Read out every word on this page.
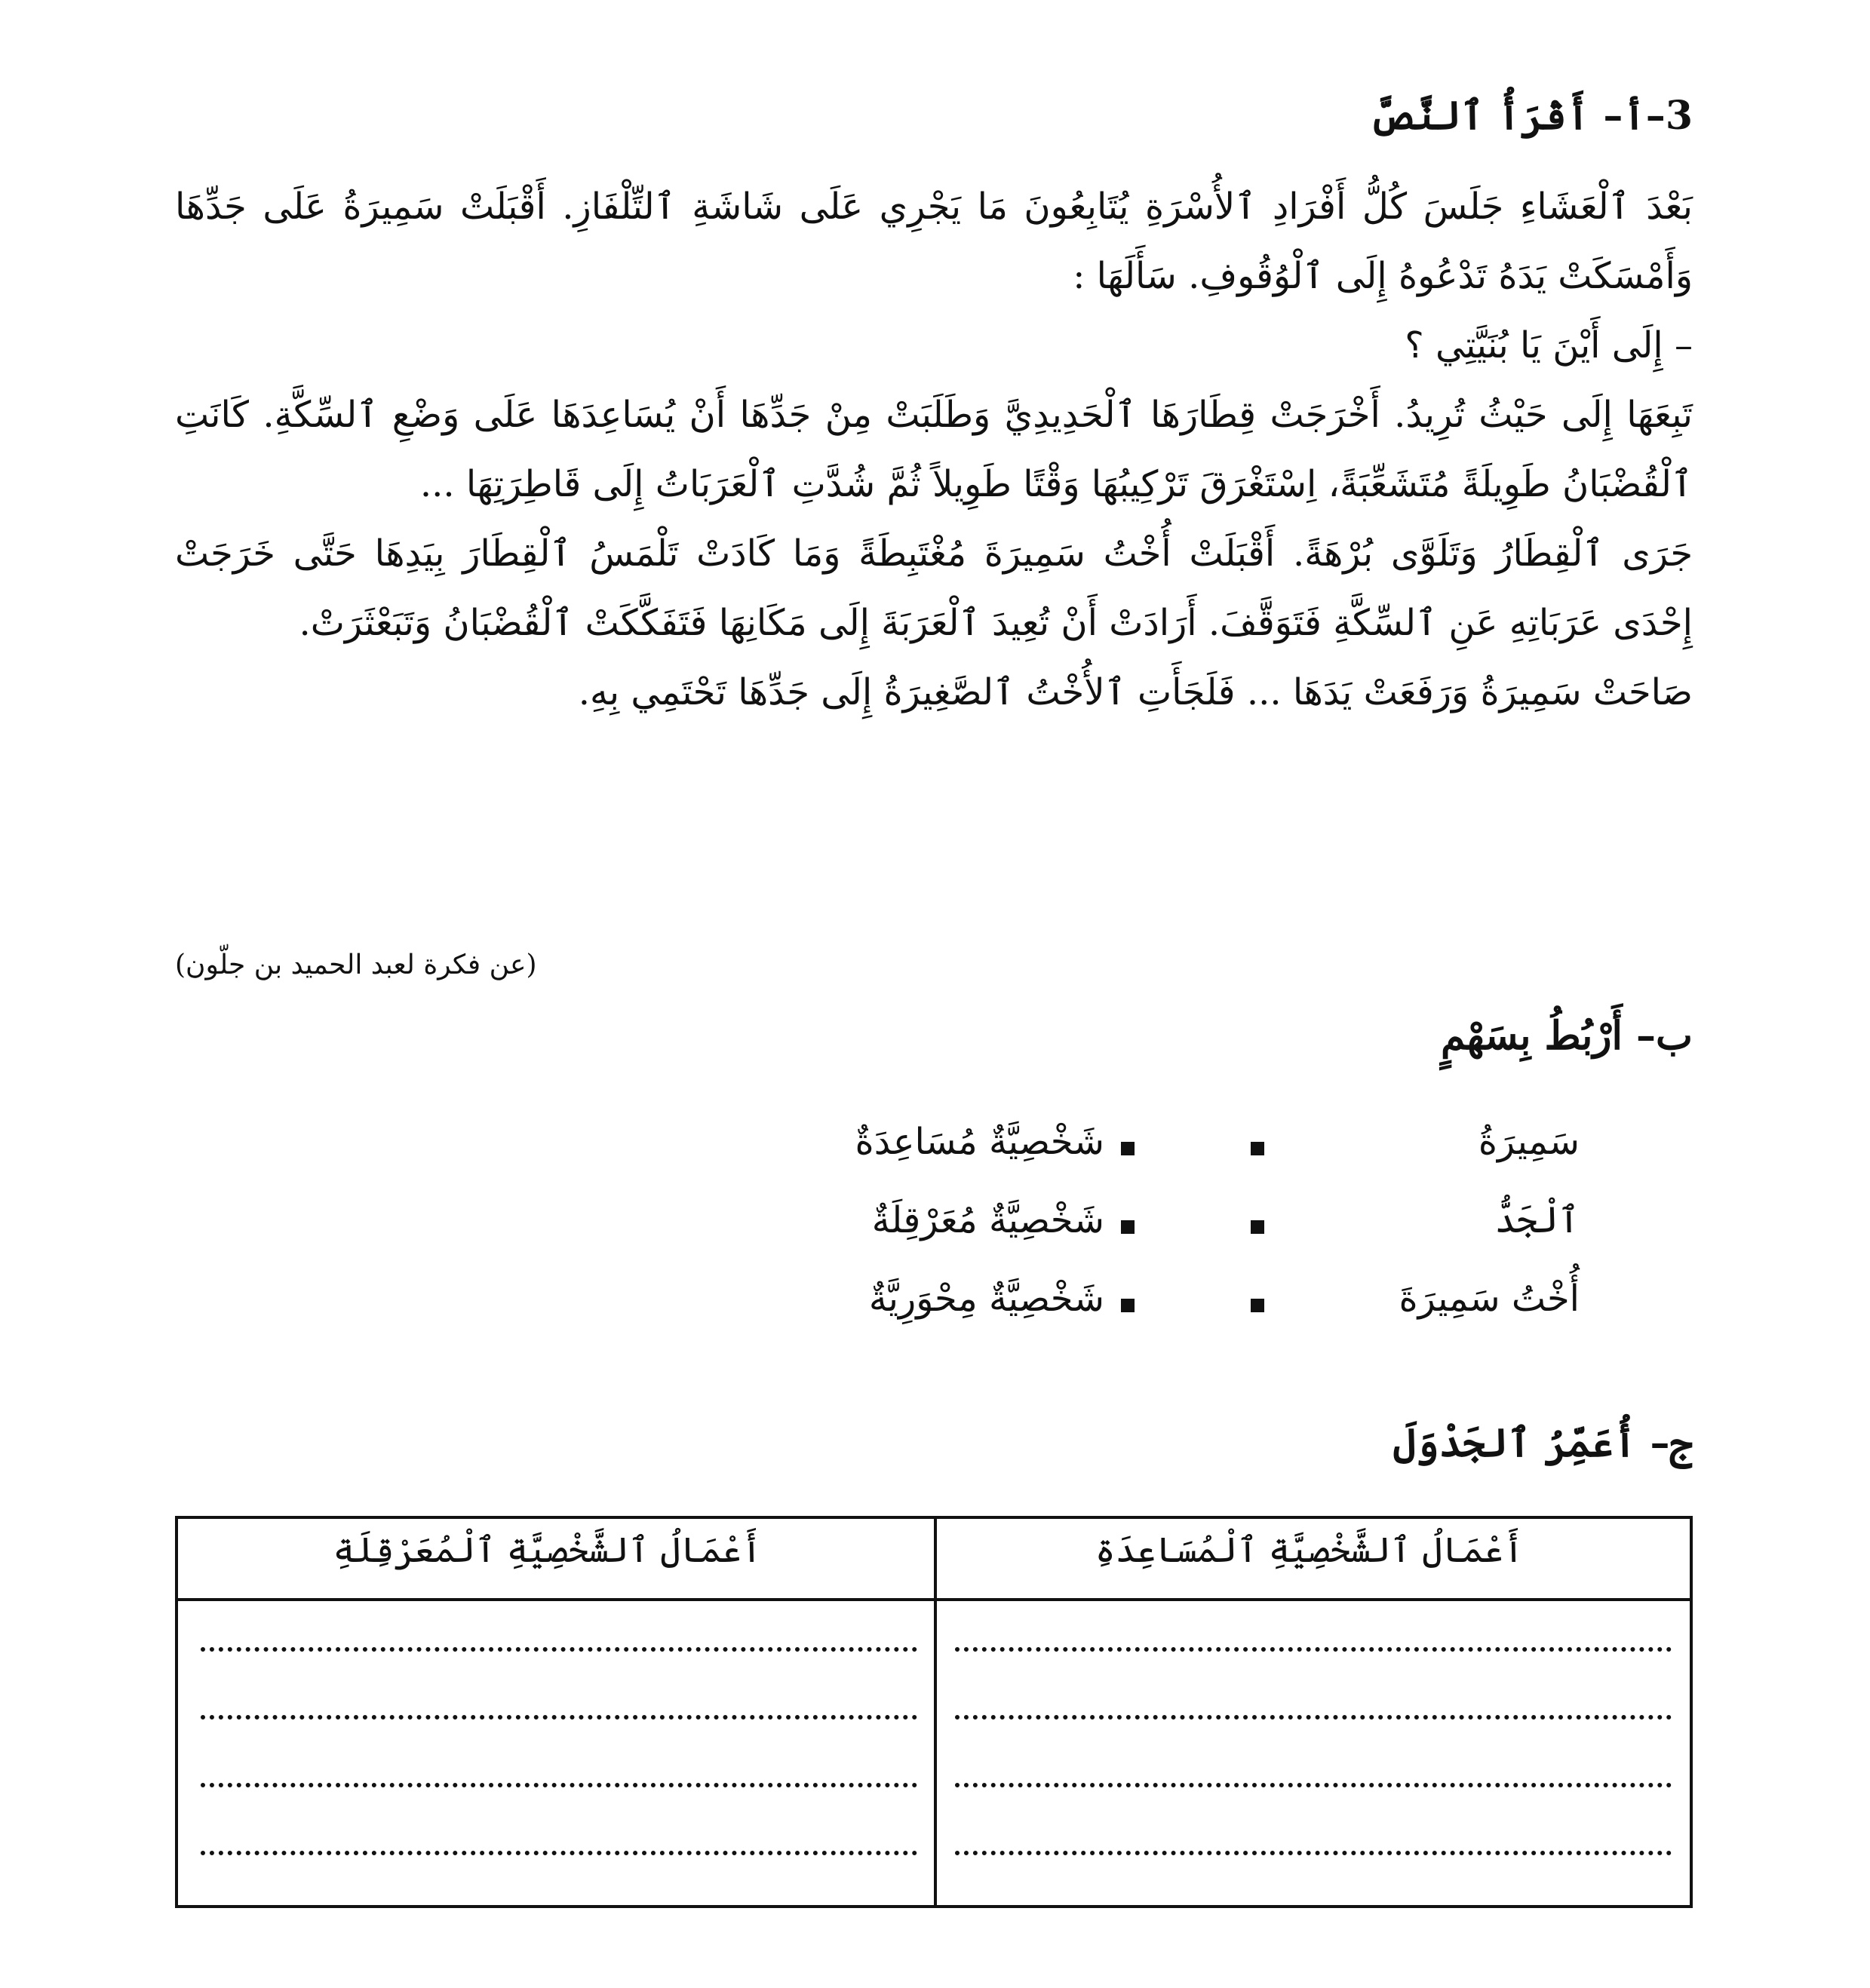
3–أ– أَقْرَأُ ٱلنَّصَّ

بَعْدَ ٱلْعَشَاءِ جَلَسَ كُلُّ أَفْرَادِ ٱلأُسْرَةِ يُتَابِعُونَ مَا يَجْرِي عَلَى شَاشَةِ ٱلتِّلْفَازِ. أَقْبَلَتْ سَمِيرَةُ عَلَى جَدِّهَا وَأَمْسَكَتْ يَدَهُ تَدْعُوهُ إِلَى ٱلْوُقُوفِ. سَأَلَهَا :

– إِلَى أَيْنَ يَا بُنَيَّتِي ؟

تَبِعَهَا إِلَى حَيْثُ تُرِيدُ. أَخْرَجَتْ قِطَارَهَا ٱلْحَدِيدِيَّ وَطَلَبَتْ مِنْ جَدِّهَا أَنْ يُسَاعِدَهَا عَلَى وَضْعِ ٱلسِّكَّةِ. كَانَتِ ٱلْقُضْبَانُ طَوِيلَةً مُتَشَعِّبَةً، اِسْتَغْرَقَ تَرْكِيبُهَا وَقْتًا طَوِيلاً ثُمَّ شُدَّتِ ٱلْعَرَبَاتُ إِلَى قَاطِرَتِهَا ...

جَرَى ٱلْقِطَارُ وَتَلَوَّى بُرْهَةً. أَقْبَلَتْ أُخْتُ سَمِيرَةَ مُغْتَبِطَةً وَمَا كَادَتْ تَلْمَسُ ٱلْقِطَارَ بِيَدِهَا حَتَّى خَرَجَتْ إِحْدَى عَرَبَاتِهِ عَنِ ٱلسِّكَّةِ فَتَوَقَّفَ. أَرَادَتْ أَنْ تُعِيدَ ٱلْعَرَبَةَ إِلَى مَكَانِهَا فَتَفَكَّكَتْ ٱلْقُضْبَانُ وَتَبَعْثَرَتْ.

صَاحَتْ سَمِيرَةُ وَرَفَعَتْ يَدَهَا ... فَلَجَأَتِ ٱلأُخْتُ ٱلصَّغِيرَةُ إِلَى جَدِّهَا تَحْتَمِي بِهِ.

(عن فكرة لعبد الحميد بن جلّون)
ب– أَرْبُطُ بِسَهْمٍ
سَمِيرَةُ
شَخْصِيَّةٌ مُسَاعِدَةٌ
ٱلْجَدُّ
شَخْصِيَّةٌ مُعَرْقِلَةٌ
أُخْتُ سَمِيرَةَ
شَخْصِيَّةٌ مِحْوَرِيَّةٌ
ج– أُعَمِّرُ ٱلجَدْوَلَ
أَعْمَالُ ٱلشَّخْصِيَّةِ ٱلْمُسَاعِدَةِ
أَعْمَالُ ٱلشَّخْصِيَّةِ ٱلْمُعَرْقِلَةِ
